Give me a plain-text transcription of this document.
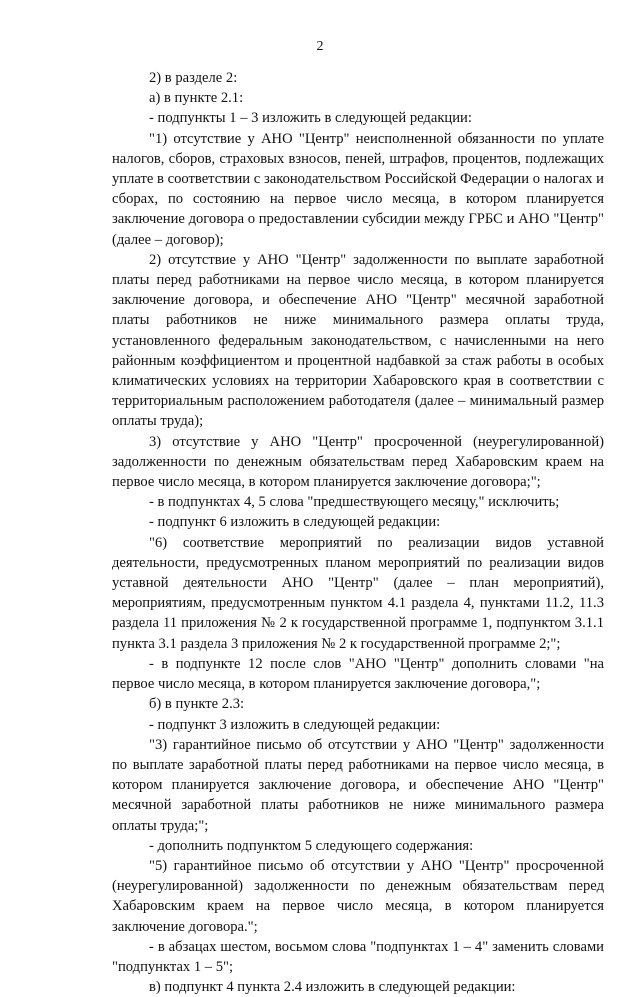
2

2) в разделе 2:

а) в пункте 2.1:

- подпункты 1 – 3 изложить в следующей редакции:

"1) отсутствие у АНО "Центр" неисполненной обязанности по уплате налогов, сборов, страховых взносов, пеней, штрафов, процентов, подлежащих уплате в соответствии с законодательством Российской Федерации о налогах и сборах, по состоянию на первое число месяца, в котором планируется заключение договора о предоставлении субсидии между ГРБС и АНО "Центр" (далее – договор);

2) отсутствие у АНО "Центр" задолженности по выплате заработной платы перед работниками на первое число месяца, в котором планируется заключение договора, и обеспечение АНО "Центр" месячной заработной платы работников не ниже минимального размера оплаты труда, установленного федеральным законодательством, с начисленными на него районным коэффициентом и процентной надбавкой за стаж работы в особых климатических условиях на территории Хабаровского края в соответствии с территориальным расположением работодателя (далее – минимальный размер оплаты труда);

3) отсутствие у АНО "Центр" просроченной (неурегулированной) задолженности по денежным обязательствам перед Хабаровским краем на первое число месяца, в котором планируется заключение договора;";

- в подпунктах 4, 5 слова "предшествующего месяцу," исключить;

- подпункт 6 изложить в следующей редакции:

"6) соответствие мероприятий по реализации видов уставной деятельности, предусмотренных планом мероприятий по реализации видов уставной деятельности АНО "Центр" (далее – план мероприятий), мероприятиям, предусмотренным пунктом 4.1 раздела 4, пунктами 11.2, 11.3 раздела 11 приложения № 2 к государственной программе 1, подпунктом 3.1.1 пункта 3.1 раздела 3 приложения № 2 к государственной программе 2;";

- в подпункте 12 после слов "АНО "Центр" дополнить словами "на первое число месяца, в котором планируется заключение договора,";

б) в пункте 2.3:

- подпункт 3 изложить в следующей редакции:

"3) гарантийное письмо об отсутствии у АНО "Центр" задолженности по выплате заработной платы перед работниками на первое число месяца, в котором планируется заключение договора, и обеспечение АНО "Центр" месячной заработной платы работников не ниже минимального размера оплаты труда;";

- дополнить подпунктом 5 следующего содержания:

"5) гарантийное письмо об отсутствии у АНО "Центр" просроченной (неурегулированной) задолженности по денежным обязательствам перед Хабаровским краем на первое число месяца, в котором планируется заключение договора.";

- в абзацах шестом, восьмом слова "подпунктах 1 – 4" заменить словами "подпунктах 1 – 5";

в) подпункт 4 пункта 2.4 изложить в следующей редакции:
